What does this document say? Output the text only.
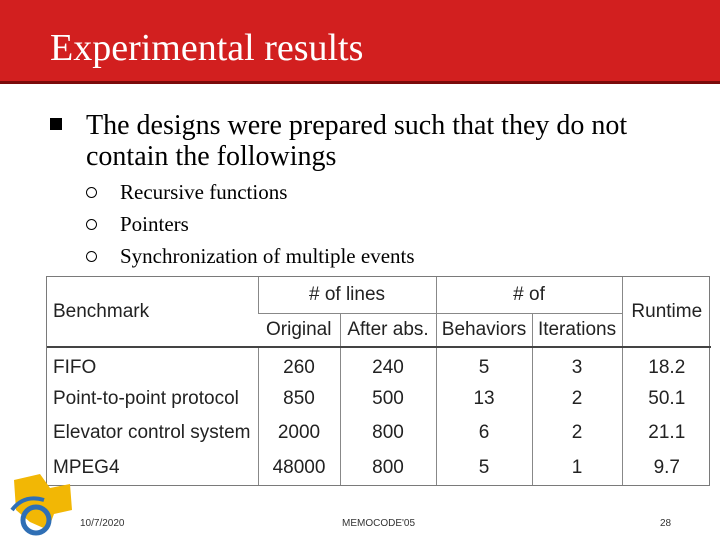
Experimental results
The designs were prepared such that they do not contain the followings
Recursive functions
Pointers
Synchronization of multiple events
Benchmark	# of lines		# of		Runtime
	Original	After abs.	Behaviors	Iterations	
FIFO	260	240	5	3	18.2
Point-to-point protocol	850	500	13	2	50.1
Elevator control system	2000	800	6	2	21.1
MPEG4	48000	800	5	1	9.7
10/7/2020	MEMOCODE'05	28
